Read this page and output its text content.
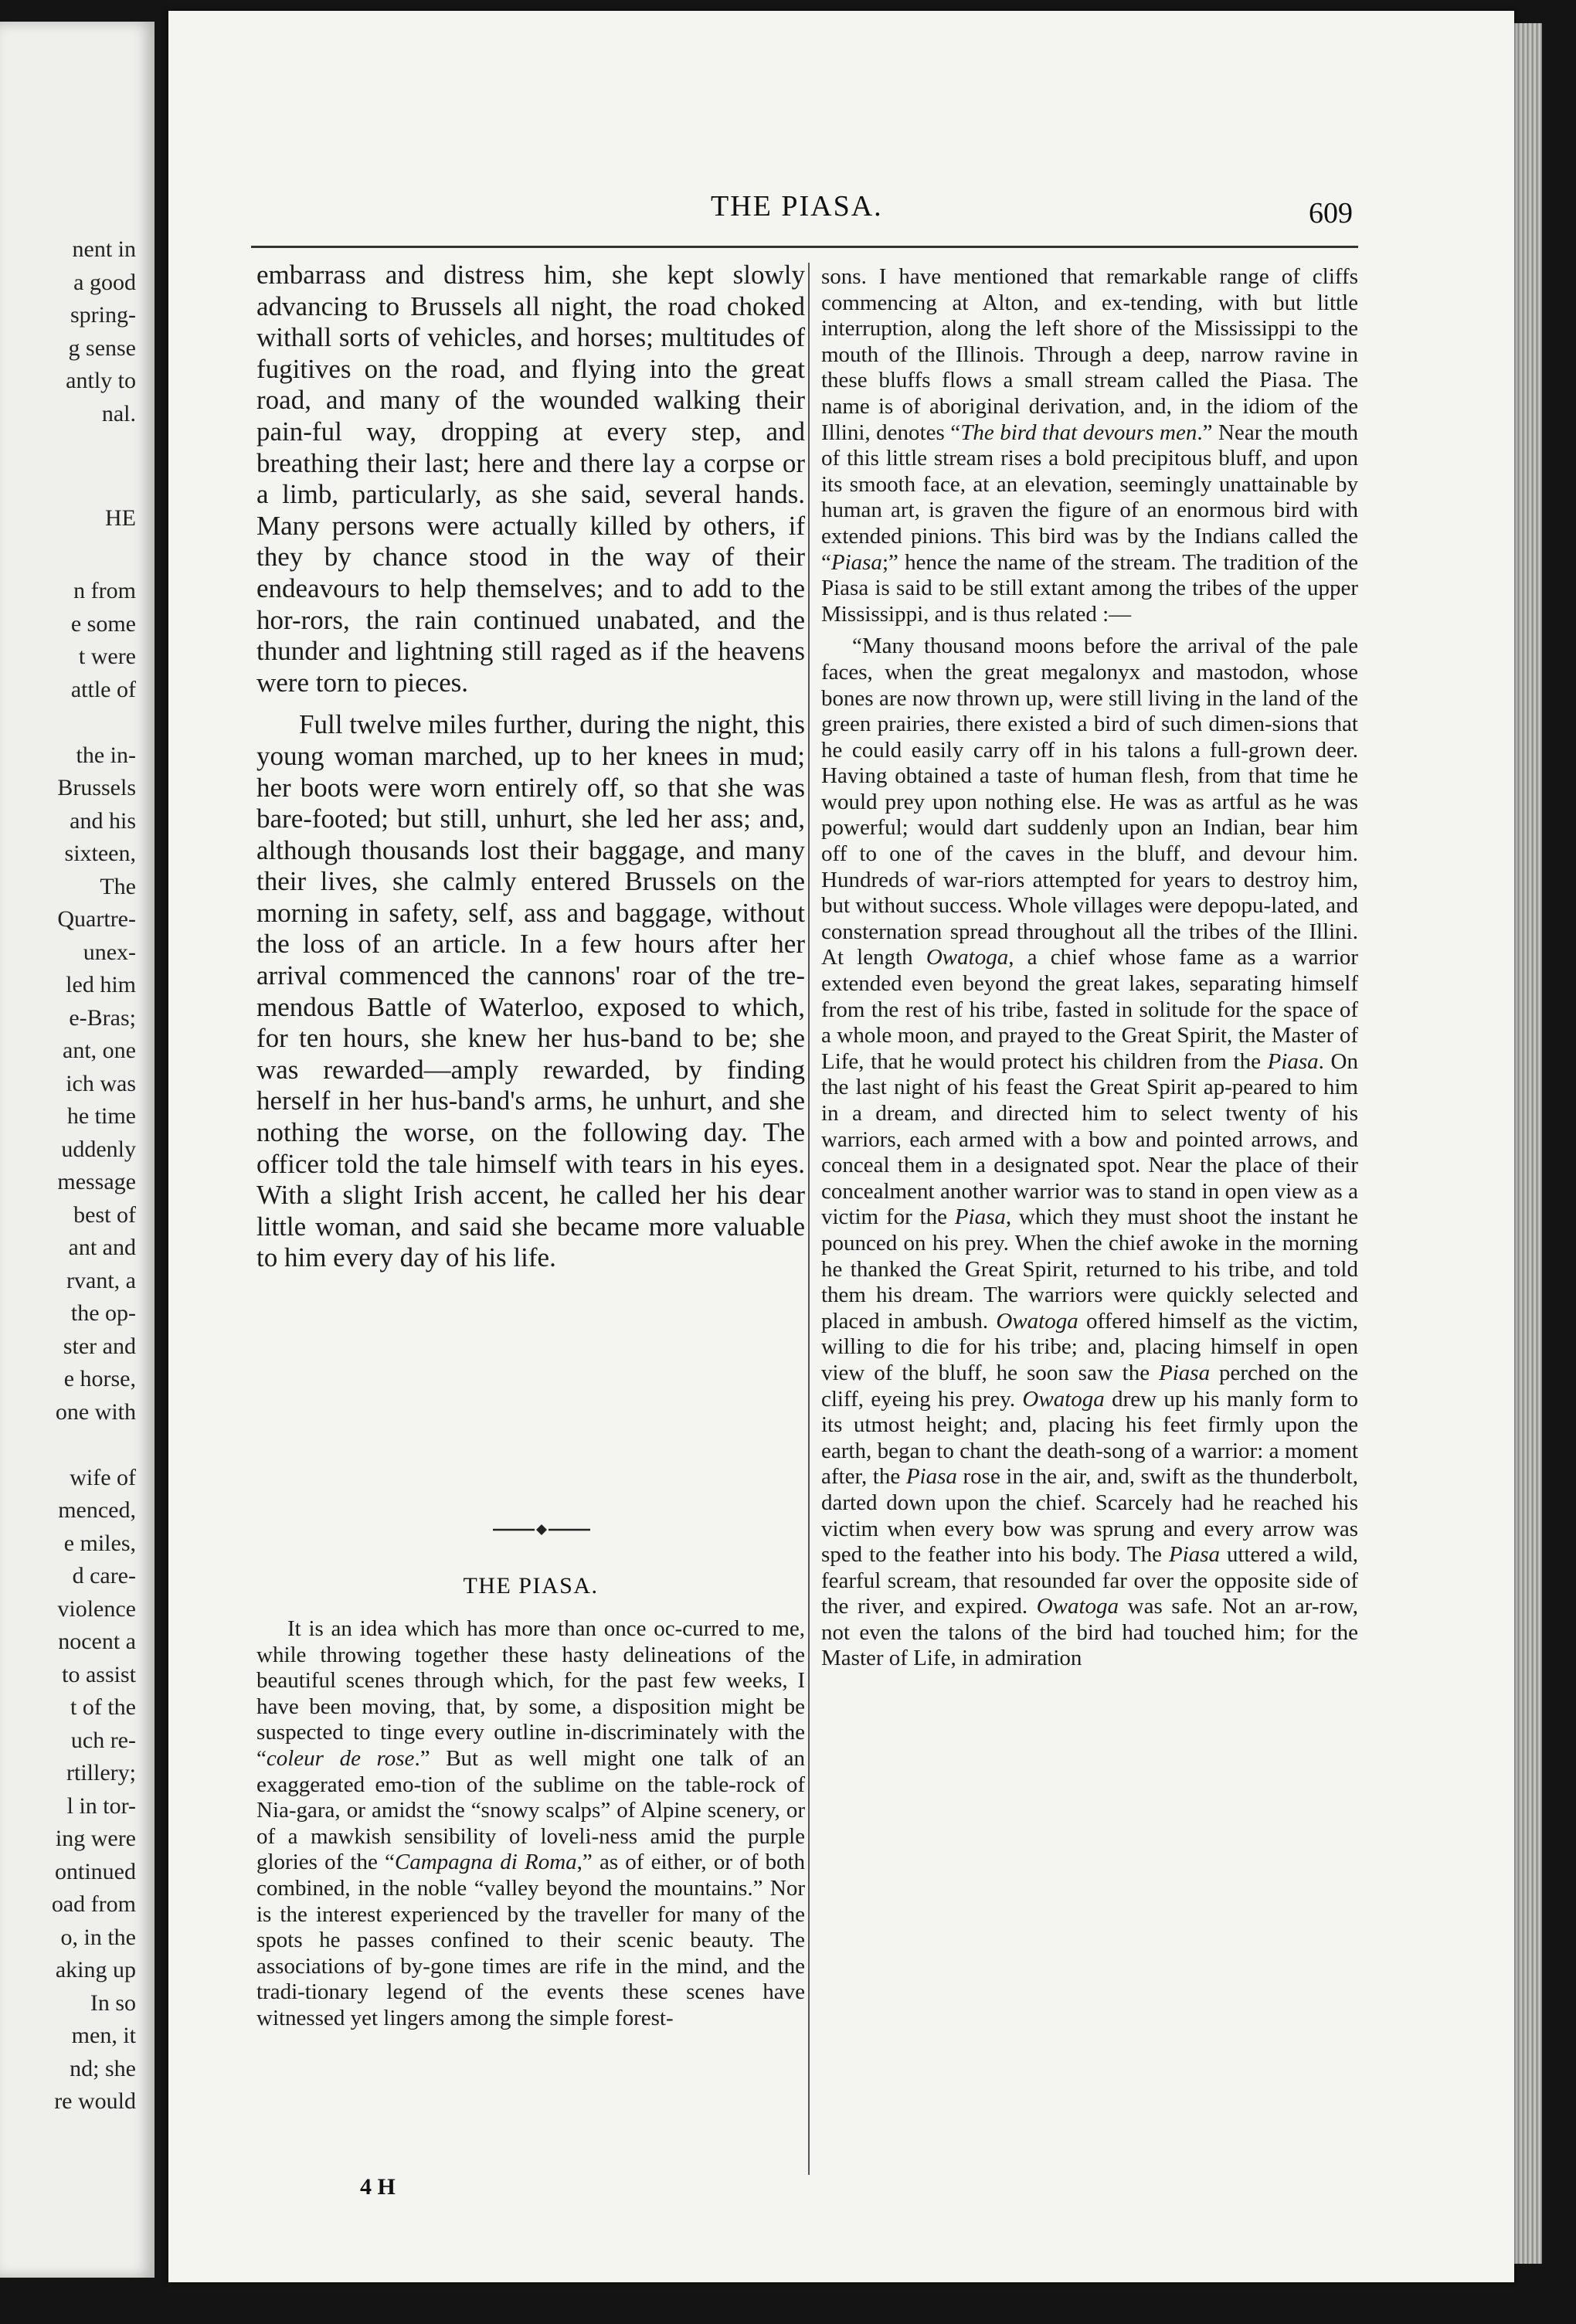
nent in
a good
spring-
g sense
antly to
nal.
HE
n from
e some
t were
attle of

the in-
Brussels
and his
sixteen,
The
Quartre-
unex-
led him
e-Bras;
ant, one
ich was
he time
uddenly
message
best of
ant and
rvant, a
the op-
ster and
e horse,
one with

wife of
menced,
e miles,
d care-
violence
nocent a
to assist
t of the
uch re-
rtillery;
l in tor-
ing were
ontinued
oad from
o, in the
aking up
In so
men, it
nd; she
re would
THE PIASA.	609

embarrass and distress him, she kept slowly advancing to Brussels all night, the road choked withall sorts of vehicles, and horses; multitudes of fugitives on the road, and flying into the great road, and many of the wounded walking their pain-ful way, dropping at every step, and breathing their last; here and there lay a corpse or a limb, particularly, as she said, several hands. Many persons were actually killed by others, if they by chance stood in the way of their endeavours to help themselves; and to add to the hor-rors, the rain continued unabated, and the thunder and lightning still raged as if the heavens were torn to pieces.

Full twelve miles further, during the night, this young woman marched, up to her knees in mud; her boots were worn entirely off, so that she was bare-footed; but still, unhurt, she led her ass; and, although thousands lost their baggage, and many their lives, she calmly entered Brussels on the morning in safety, self, ass and baggage, without the loss of an article. In a few hours after her arrival commenced the cannons' roar of the tre-mendous Battle of Waterloo, exposed to which, for ten hours, she knew her hus-band to be; she was rewarded—amply rewarded, by finding herself in her hus-band's arms, he unhurt, and she nothing the worse, on the following day. The officer told the tale himself with tears in his eyes. With a slight Irish accent, he called her his dear little woman, and said she became more valuable to him every day of his life.

THE PIASA.

It is an idea which has more than once oc-curred to me, while throwing together these hasty delineations of the beautiful scenes through which, for the past few weeks, I have been moving, that, by some, a disposition might be suspected to tinge every outline in-discriminately with the “coleur de rose.” But as well might one talk of an exaggerated emo-tion of the sublime on the table-rock of Nia-gara, or amidst the “snowy scalps” of Alpine scenery, or of a mawkish sensibility of loveli-ness amid the purple glories of the “Campagna di Roma,” as of either, or of both combined, in the noble “valley beyond the mountains.” Nor is the interest experienced by the traveller for many of the spots he passes confined to their scenic beauty. The associations of by-gone times are rife in the mind, and the tradi-tionary legend of the events these scenes have witnessed yet lingers among the simple forest-

4 H

sons. I have mentioned that remarkable range of cliffs commencing at Alton, and ex-tending, with but little interruption, along the left shore of the Mississippi to the mouth of the Illinois. Through a deep, narrow ravine in these bluffs flows a small stream called the Piasa. The name is of aboriginal derivation, and, in the idiom of the Illini, denotes “The bird that devours men.” Near the mouth of this little stream rises a bold precipitous bluff, and upon its smooth face, at an elevation, seemingly unattainable by human art, is graven the figure of an enormous bird with extended pinions. This bird was by the Indians called the “Piasa;” hence the name of the stream. The tradition of the Piasa is said to be still extant among the tribes of the upper Mississippi, and is thus related :—

“Many thousand moons before the arrival of the pale faces, when the great megalonyx and mastodon, whose bones are now thrown up, were still living in the land of the green prairies, there existed a bird of such dimen-sions that he could easily carry off in his talons a full-grown deer. Having obtained a taste of human flesh, from that time he would prey upon nothing else. He was as artful as he was powerful; would dart suddenly upon an Indian, bear him off to one of the caves in the bluff, and devour him. Hundreds of war-riors attempted for years to destroy him, but without success. Whole villages were depopu-lated, and consternation spread throughout all the tribes of the Illini. At length Owatoga, a chief whose fame as a warrior extended even beyond the great lakes, separating himself from the rest of his tribe, fasted in solitude for the space of a whole moon, and prayed to the Great Spirit, the Master of Life, that he would protect his children from the Piasa. On the last night of his feast the Great Spirit ap-peared to him in a dream, and directed him to select twenty of his warriors, each armed with a bow and pointed arrows, and conceal them in a designated spot. Near the place of their concealment another warrior was to stand in open view as a victim for the Piasa, which they must shoot the instant he pounced on his prey. When the chief awoke in the morning he thanked the Great Spirit, returned to his tribe, and told them his dream. The warriors were quickly selected and placed in ambush. Owatoga offered himself as the victim, willing to die for his tribe; and, placing himself in open view of the bluff, he soon saw the Piasa perched on the cliff, eyeing his prey. Owatoga drew up his manly form to its utmost height; and, placing his feet firmly upon the earth, began to chant the death-song of a warrior: a moment after, the Piasa rose in the air, and, swift as the thunderbolt, darted down upon the chief. Scarcely had he reached his victim when every bow was sprung and every arrow was sped to the feather into his body. The Piasa uttered a wild, fearful scream, that resounded far over the opposite side of the river, and expired. Owatoga was safe. Not an ar-row, not even the talons of the bird had touched him; for the Master of Life, in admiration
